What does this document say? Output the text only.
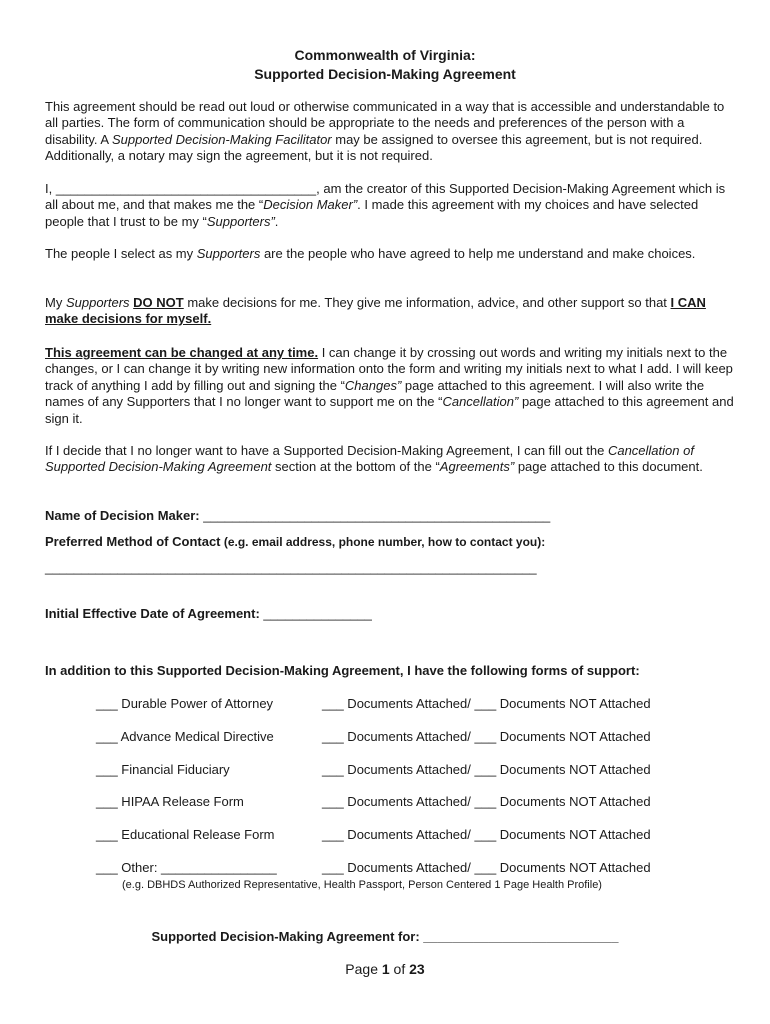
Commonwealth of Virginia:
Supported Decision-Making Agreement
This agreement should be read out loud or otherwise communicated in a way that is accessible and understandable to all parties. The form of communication should be appropriate to the needs and preferences of the person with a disability. A Supported Decision-Making Facilitator may be assigned to oversee this agreement, but is not required. Additionally, a notary may sign the agreement, but it is not required.
I, ____________________________________, am the creator of this Supported Decision-Making Agreement which is all about me, and that makes me the “Decision Maker”. I made this agreement with my choices and have selected people that I trust to be my “Supporters”.
The people I select as my Supporters are the people who have agreed to help me understand and make choices.
My Supporters DO NOT make decisions for me. They give me information, advice, and other support so that I CAN make decisions for myself.
This agreement can be changed at any time. I can change it by crossing out words and writing my initials next to the changes, or I can change it by writing new information onto the form and writing my initials next to what I add. I will keep track of anything I add by filling out and signing the “Changes” page attached to this agreement. I will also write the names of any Supporters that I no longer want to support me on the “Cancellation” page attached to this agreement and sign it.
If I decide that I no longer want to have a Supported Decision-Making Agreement, I can fill out the Cancellation of Supported Decision-Making Agreement section at the bottom of the “Agreements” page attached to this document.
Name of Decision Maker: ________________________________________________
Preferred Method of Contact (e.g. email address, phone number, how to contact you):
____________________________________________________________________
Initial Effective Date of Agreement: _______________
In addition to this Supported Decision-Making Agreement, I have the following forms of support:
___ Durable Power of Attorney	___ Documents Attached/ ___ Documents NOT Attached
___ Advance Medical Directive	___ Documents Attached/ ___ Documents NOT Attached
___ Financial Fiduciary	___ Documents Attached/ ___ Documents NOT Attached
___ HIPAA Release Form	___ Documents Attached/ ___ Documents NOT Attached
___ Educational Release Form	___ Documents Attached/ ___ Documents NOT Attached
___ Other: ________________	___ Documents Attached/ ___ Documents NOT Attached
(e.g. DBHDS Authorized Representative, Health Passport, Person Centered 1 Page Health Profile)
Supported Decision-Making Agreement for: ___________________________
Page 1 of 23
